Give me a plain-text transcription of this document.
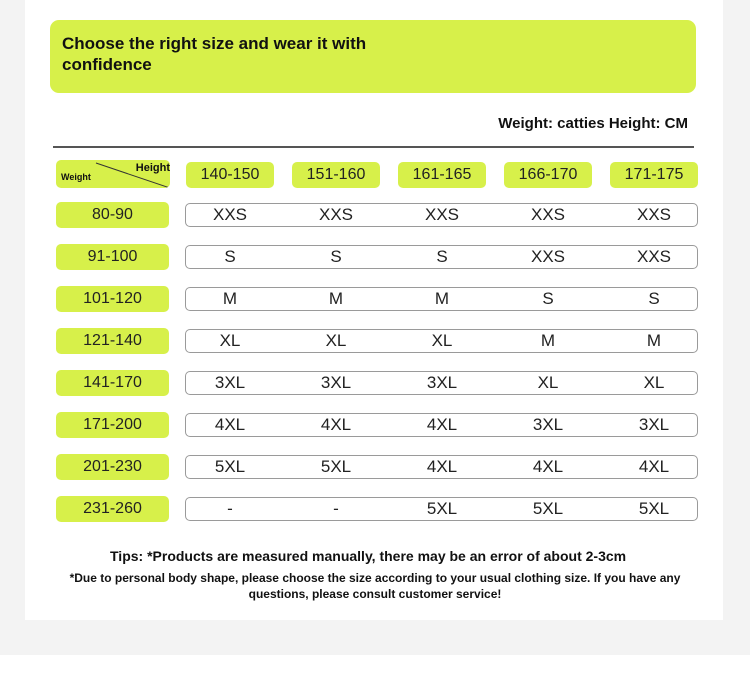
Choose the right size and wear it with confidence
Weight: catties Height: CM
Height
Weight	140-150	151-160	161-165	166-170	171-175
80-90	XXS	XXS	XXS	XXS	XXS
91-100	S	S	S	XXS	XXS
101-120	M	M	M	S	S
121-140	XL	XL	XL	M	M
141-170	3XL	3XL	3XL	XL	XL
171-200	4XL	4XL	4XL	3XL	3XL
201-230	5XL	5XL	4XL	4XL	4XL
231-260	-	-	5XL	5XL	5XL
Tips: *Products are measured manually, there may be an error of about 2-3cm
*Due to personal body shape, please choose the size according to your usual clothing size. If you have any questions, please consult customer service!
